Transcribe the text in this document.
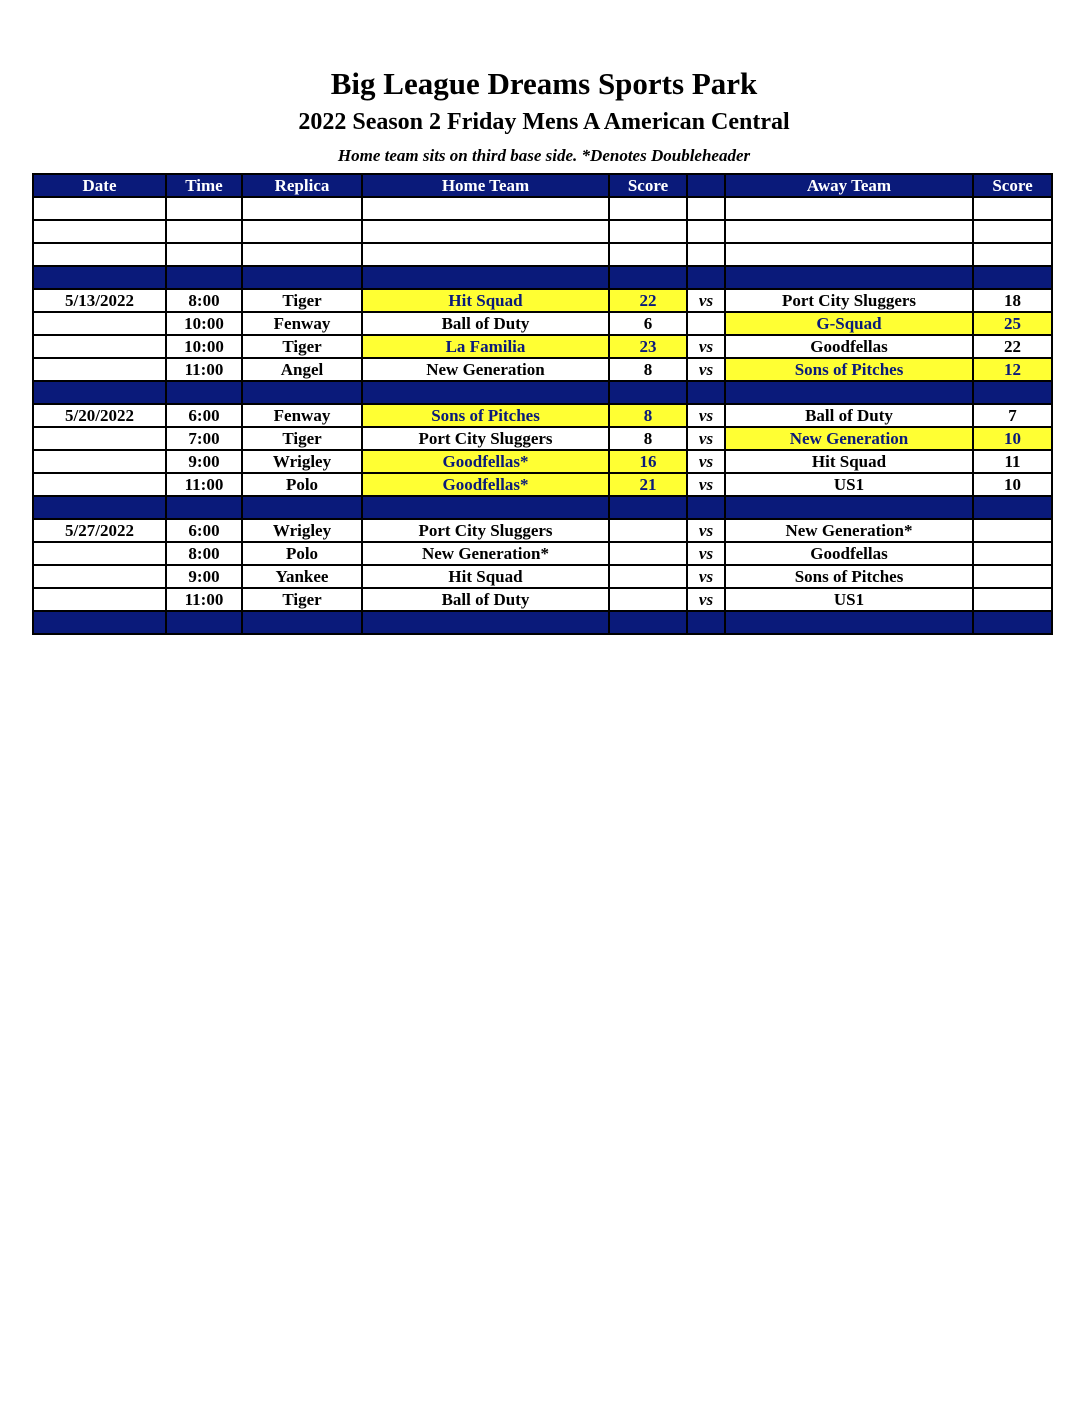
Big League Dreams Sports Park
2022 Season 2 Friday Mens A American Central
Home team sits on third base side. *Denotes Doubleheader
Date	Time	Replica	Home Team	Score		Away Team	Score

5/13/2022	8:00	Tiger	Hit Squad	22	vs	Port City Sluggers	18
	10:00	Fenway	Ball of Duty	6		G-Squad	25
	10:00	Tiger	La Familia	23	vs	Goodfellas	22
	11:00	Angel	New Generation	8	vs	Sons of Pitches	12

5/20/2022	6:00	Fenway	Sons of Pitches	8	vs	Ball of Duty	7
	7:00	Tiger	Port City Sluggers	8	vs	New Generation	10
	9:00	Wrigley	Goodfellas*	16	vs	Hit Squad	11
	11:00	Polo	Goodfellas*	21	vs	US1	10

5/27/2022	6:00	Wrigley	Port City Sluggers		vs	New Generation*	
	8:00	Polo	New Generation*		vs	Goodfellas	
	9:00	Yankee	Hit Squad		vs	Sons of Pitches	
	11:00	Tiger	Ball of Duty		vs	US1	
